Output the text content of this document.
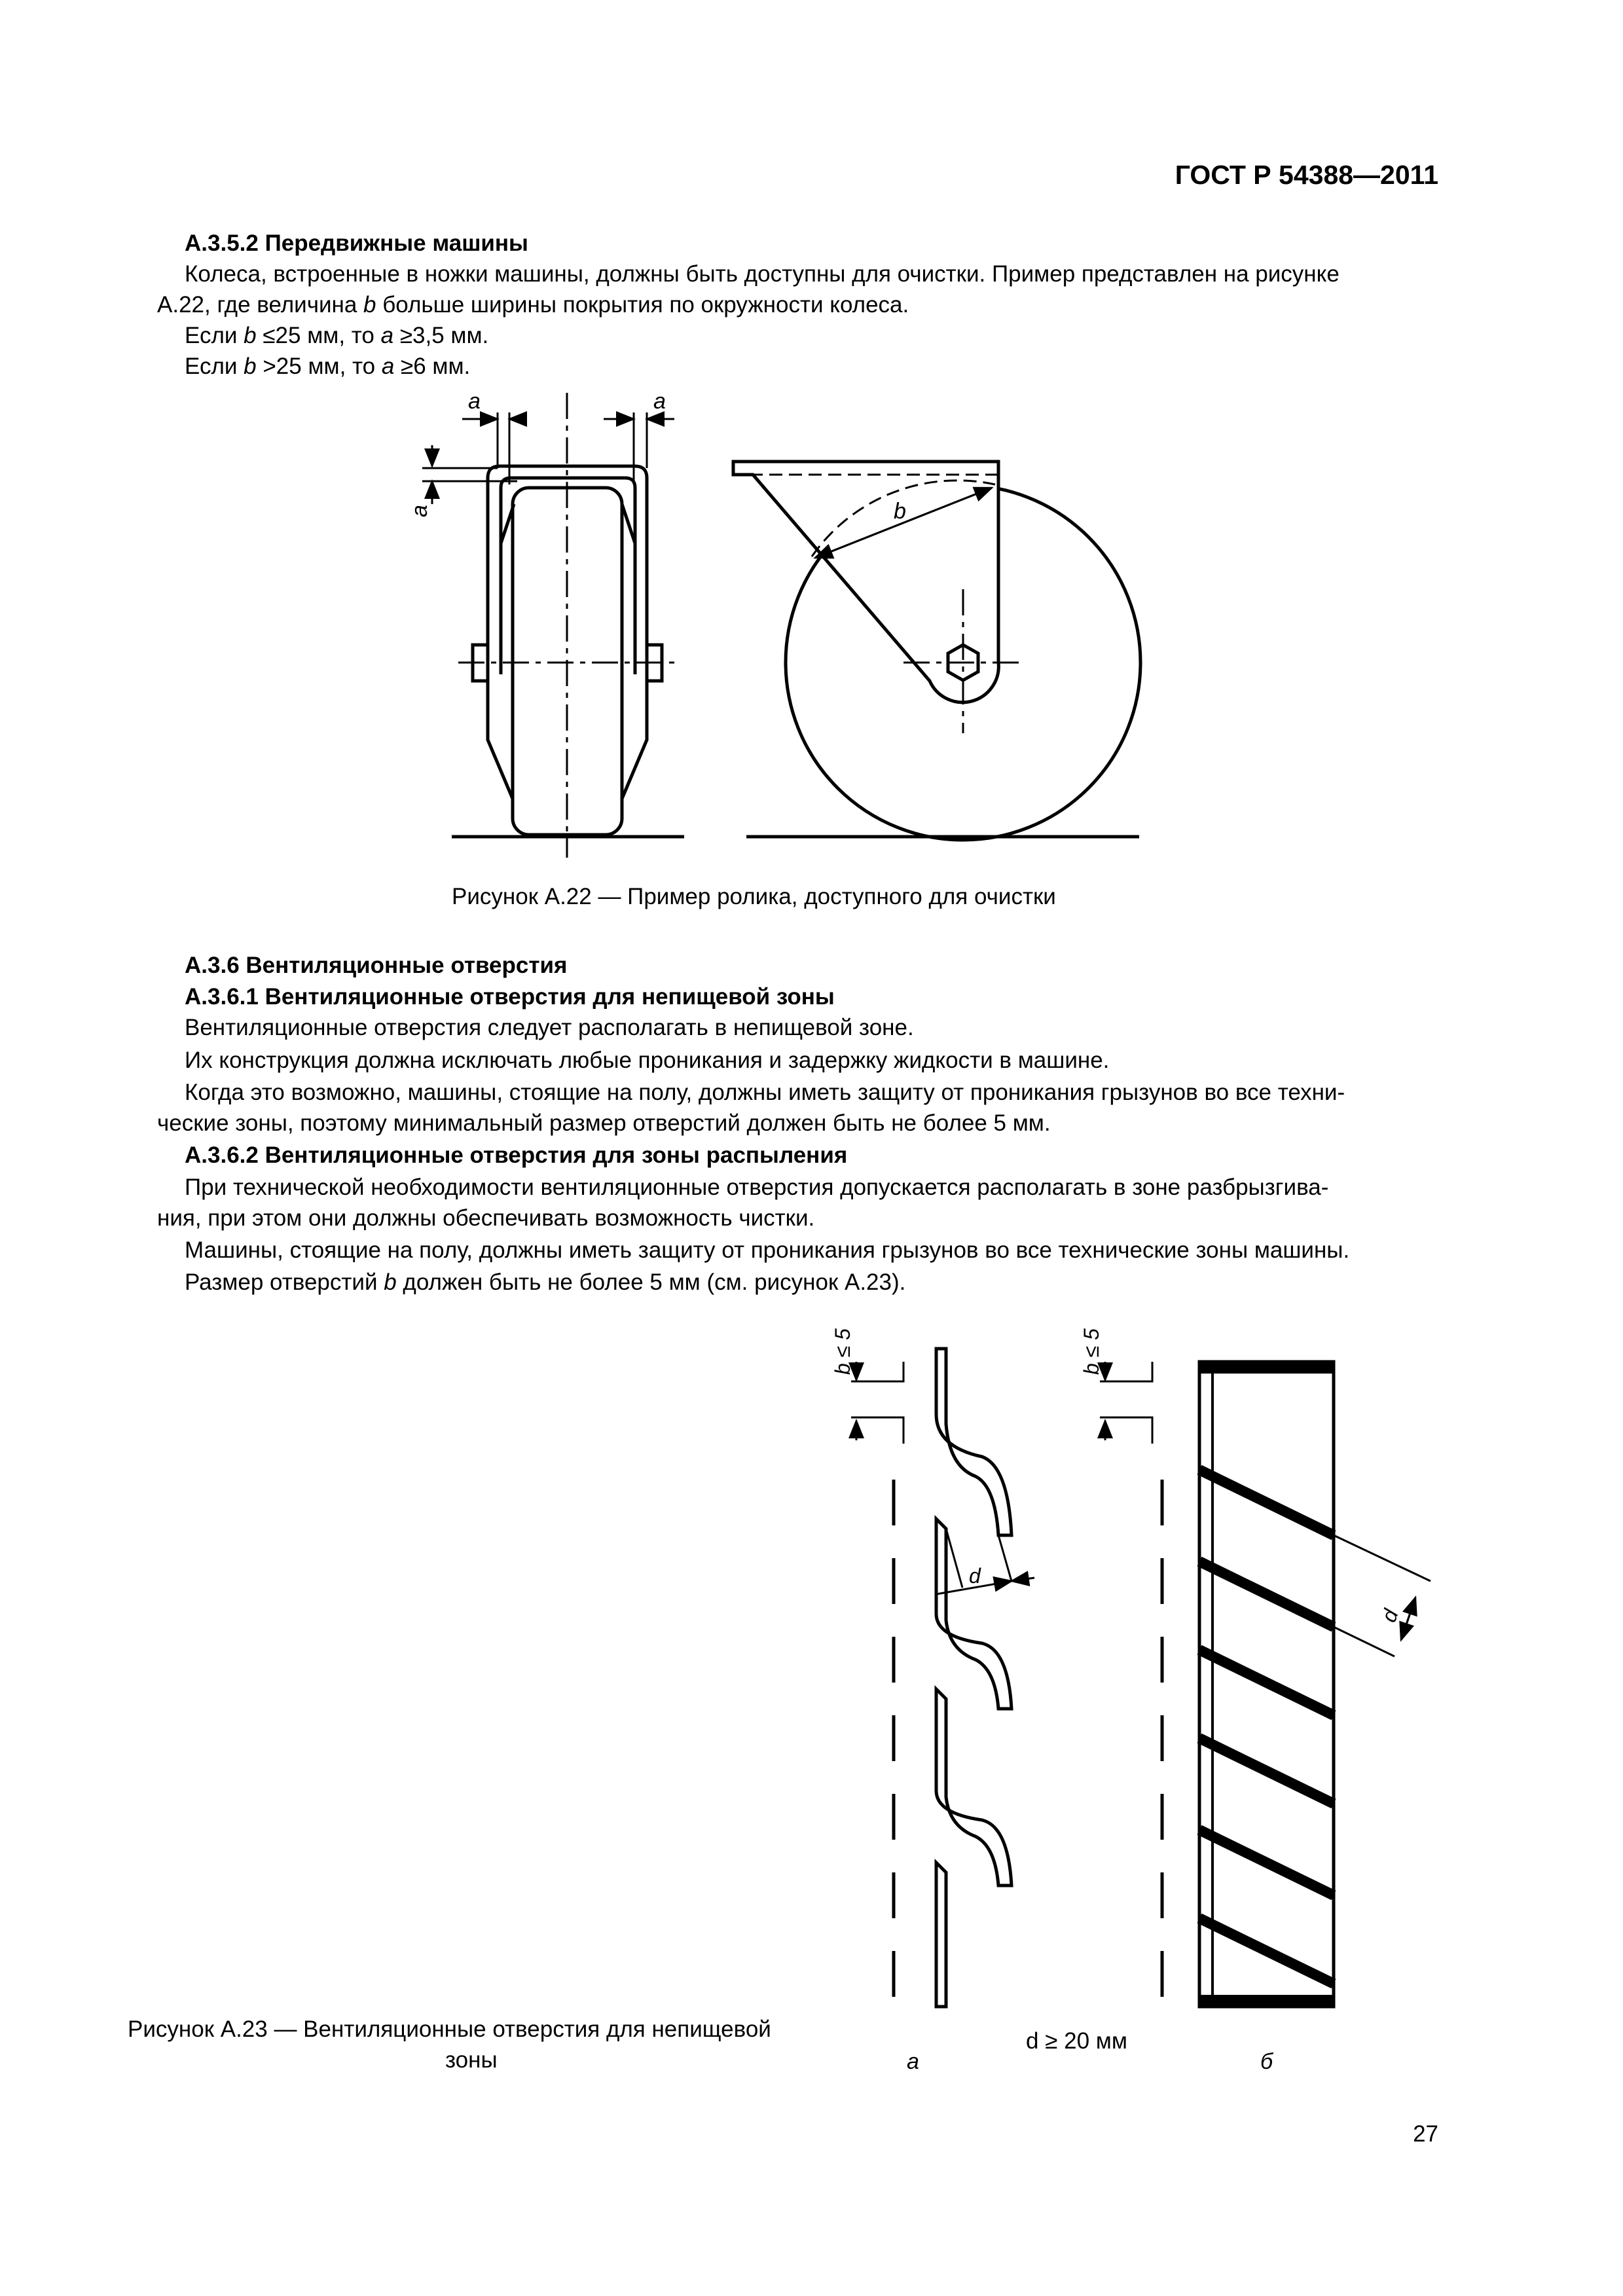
ГОСТ Р 54388—2011
А.3.5.2 Передвижные машины
Колеса, встроенные в ножки машины, должны быть доступны для очистки. Пример представлен на рисунке
А.22, где величина b больше ширины покрытия по окружности колеса.
Если b ≤25 мм, то a ≥3,5 мм.
Если b >25 мм, то a ≥6 мм.
a	a
a	b
Рисунок А.22 — Пример ролика, доступного для очистки
А.3.6 Вентиляционные отверстия
А.3.6.1 Вентиляционные отверстия для непищевой зоны
Вентиляционные отверстия следует располагать в непищевой зоне.
Их конструкция должна исключать любые проникания и задержку жидкости в машине.
Когда это возможно, машины, стоящие на полу, должны иметь защиту от проникания грызунов во все техни-
ческие зоны, поэтому минимальный размер отверстий должен быть не более 5 мм.
А.3.6.2 Вентиляционные отверстия для зоны распыления
При технической необходимости вентиляционные отверстия допускается располагать в зоне разбрызгива-
ния, при этом они должны обеспечивать возможность чистки.
Машины, стоящие на полу, должны иметь защиту от проникания грызунов во все технические зоны машины.
Размер отверстий b должен быть не более 5 мм (см. рисунок А.23).
b ≤ 5
d
b ≤ 5
d
Рисунок А.23 — Вентиляционные отверстия для непищевой
зоны
d ≥ 20 мм
а	б
27
